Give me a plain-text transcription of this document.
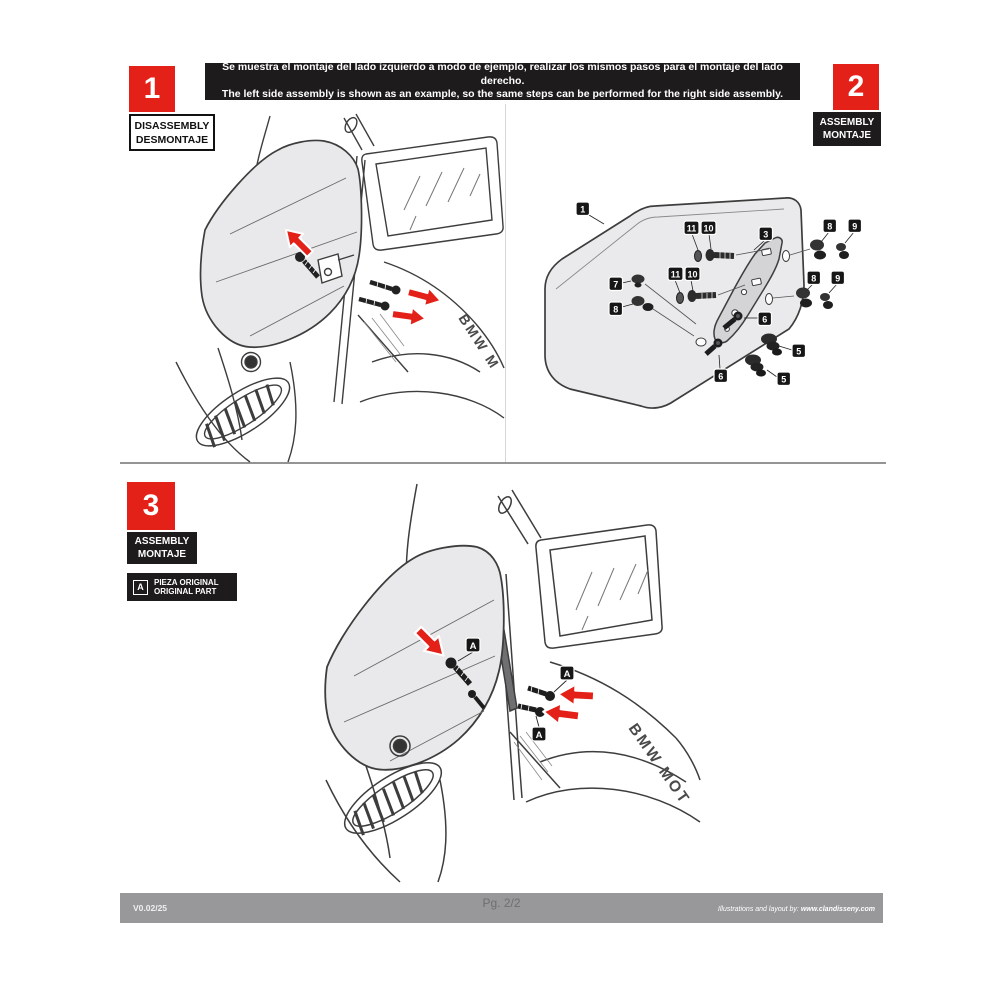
Se muestra el montaje del lado izquierdo a modo de ejemplo, realizar los mismos pasos para el montaje del lado derecho.
The left side assembly is shown as an example, so the same steps can be performed for the right side assembly.
1
DISASSEMBLY
DESMONTAJE
2
ASSEMBLY
MONTAJE
3
ASSEMBLY
MONTAJE
A	PIEZA ORIGINAL
ORIGINAL PART
BMW M
1
11 10
3
8 9
8 9
7
11 10
8
6
5
6	5
A
A
A	BMW MOT
V0.02/25	Pg. 2/2	Illustrations and layout by: www.clandisseny.com
